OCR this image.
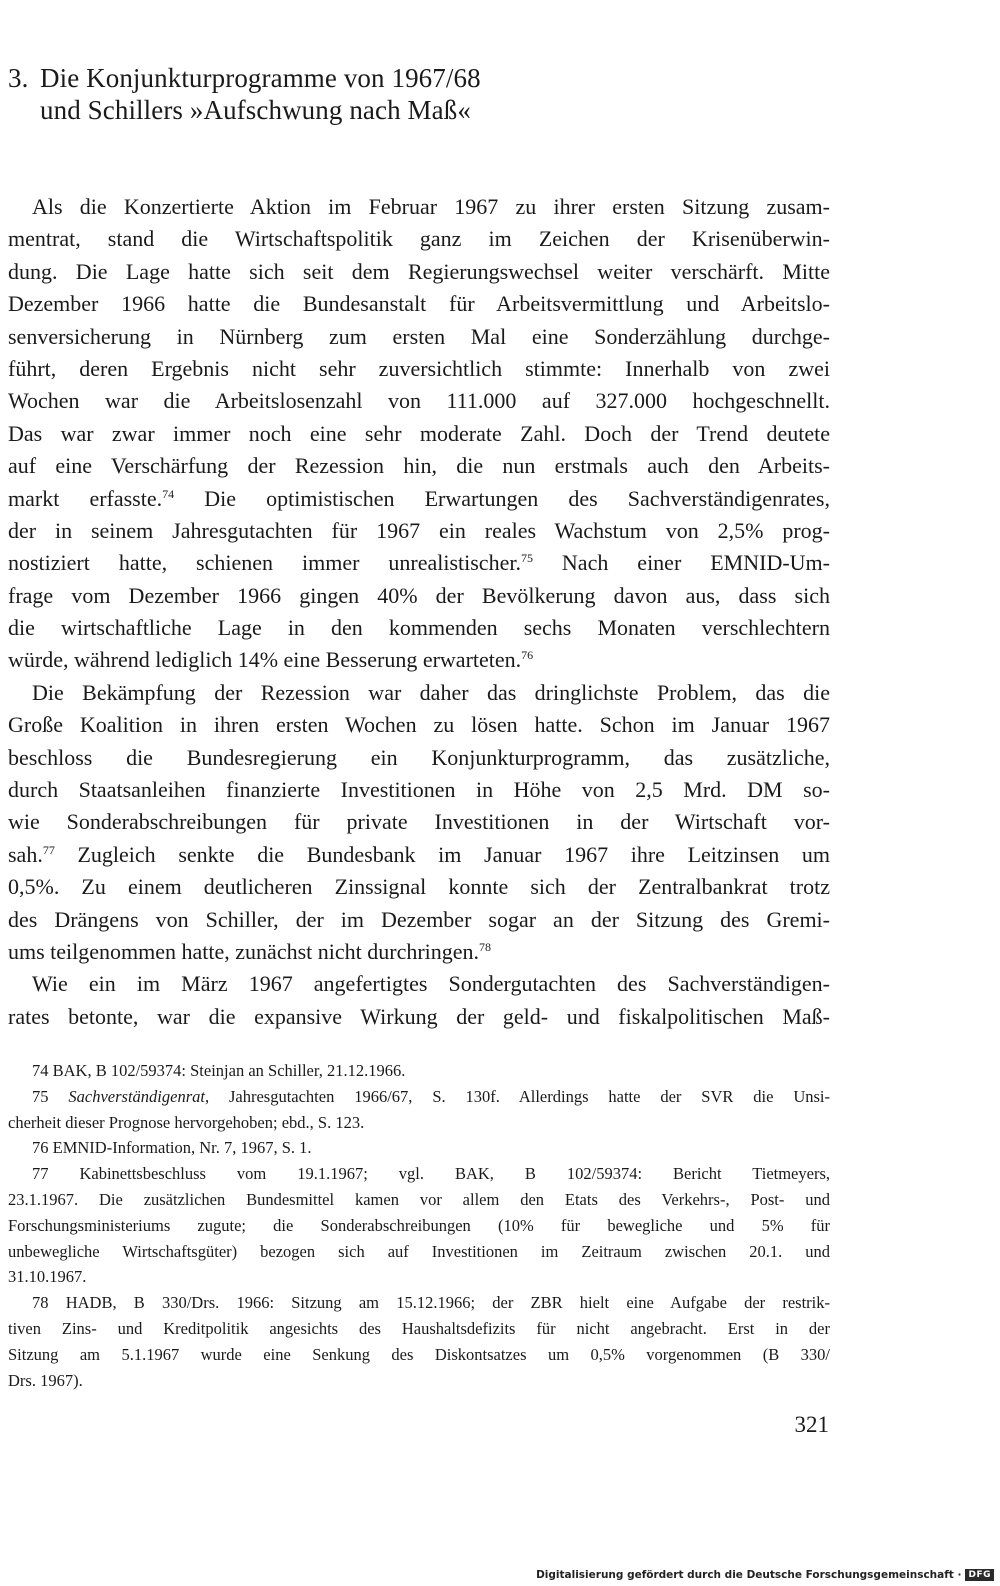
3. Die Konjunkturprogramme von 1967/68
und Schillers »Aufschwung nach Maß«
Als die Konzertierte Aktion im Februar 1967 zu ihrer ersten Sitzung zusam-
mentrat, stand die Wirtschaftspolitik ganz im Zeichen der Krisenüberwin-
dung. Die Lage hatte sich seit dem Regierungswechsel weiter verschärft. Mitte
Dezember 1966 hatte die Bundesanstalt für Arbeitsvermittlung und Arbeitslo-
senversicherung in Nürnberg zum ersten Mal eine Sonderzählung durchge-
führt, deren Ergebnis nicht sehr zuversichtlich stimmte: Innerhalb von zwei
Wochen war die Arbeitslosenzahl von 111.000 auf 327.000 hochgeschnellt.
Das war zwar immer noch eine sehr moderate Zahl. Doch der Trend deutete
auf eine Verschärfung der Rezession hin, die nun erstmals auch den Arbeits-
markt erfasste.$^{74}$ Die optimistischen Erwartungen des Sachverständigenrates,
der in seinem Jahresgutachten für 1967 ein reales Wachstum von 2,5% prog-
nostiziert hatte, schienen immer unrealistischer.$^{75}$ Nach einer EMNID-Um-
frage vom Dezember 1966 gingen 40% der Bevölkerung davon aus, dass sich
die wirtschaftliche Lage in den kommenden sechs Monaten verschlechtern
würde, während lediglich 14% eine Besserung erwarteten.$^{76}$
Die Bekämpfung der Rezession war daher das dringlichste Problem, das die
Große Koalition in ihren ersten Wochen zu lösen hatte. Schon im Januar 1967
beschloss die Bundesregierung ein Konjunkturprogramm, das zusätzliche,
durch Staatsanleihen finanzierte Investitionen in Höhe von 2,5 Mrd. DM so-
wie Sonderabschreibungen für private Investitionen in der Wirtschaft vor-
sah.$^{77}$ Zugleich senkte die Bundesbank im Januar 1967 ihre Leitzinsen um
0,5%. Zu einem deutlicheren Zinssignal konnte sich der Zentralbankrat trotz
des Drängens von Schiller, der im Dezember sogar an der Sitzung des Gremi-
ums teilgenommen hatte, zunächst nicht durchringen.$^{78}$
Wie ein im März 1967 angefertigtes Sondergutachten des Sachverständigen-
rates betonte, war die expansive Wirkung der geld- und fiskalpolitischen Maß-
74 BAK, B 102/59374: Steinjan an Schiller, 21.12.1966.
75 Sachverständigenrat, Jahresgutachten 1966/67, S. 130f. Allerdings hatte der SVR die Unsi-
cherheit dieser Prognose hervorgehoben; ebd., S. 123.
76 EMNID-Information, Nr. 7, 1967, S. 1.
77 Kabinettsbeschluss vom 19.1.1967; vgl. BAK, B 102/59374: Bericht Tietmeyers,
23.1.1967. Die zusätzlichen Bundesmittel kamen vor allem den Etats des Verkehrs-, Post- und
Forschungsministeriums zugute; die Sonderabschreibungen (10% für bewegliche und 5% für
unbewegliche Wirtschaftsgüter) bezogen sich auf Investitionen im Zeitraum zwischen 20.1. und
31.10.1967.
78 HADB, B 330/Drs. 1966: Sitzung am 15.12.1966; der ZBR hielt eine Aufgabe der restrik-
tiven Zins- und Kreditpolitik angesichts des Haushaltsdefizits für nicht angebracht. Erst in der
Sitzung am 5.1.1967 wurde eine Senkung des Diskontsatzes um 0,5% vorgenommen (B 330/
Drs. 1967).
321
Digitalisierung gefördert durch die Deutsche Forschungsgemeinschaft · DFG
